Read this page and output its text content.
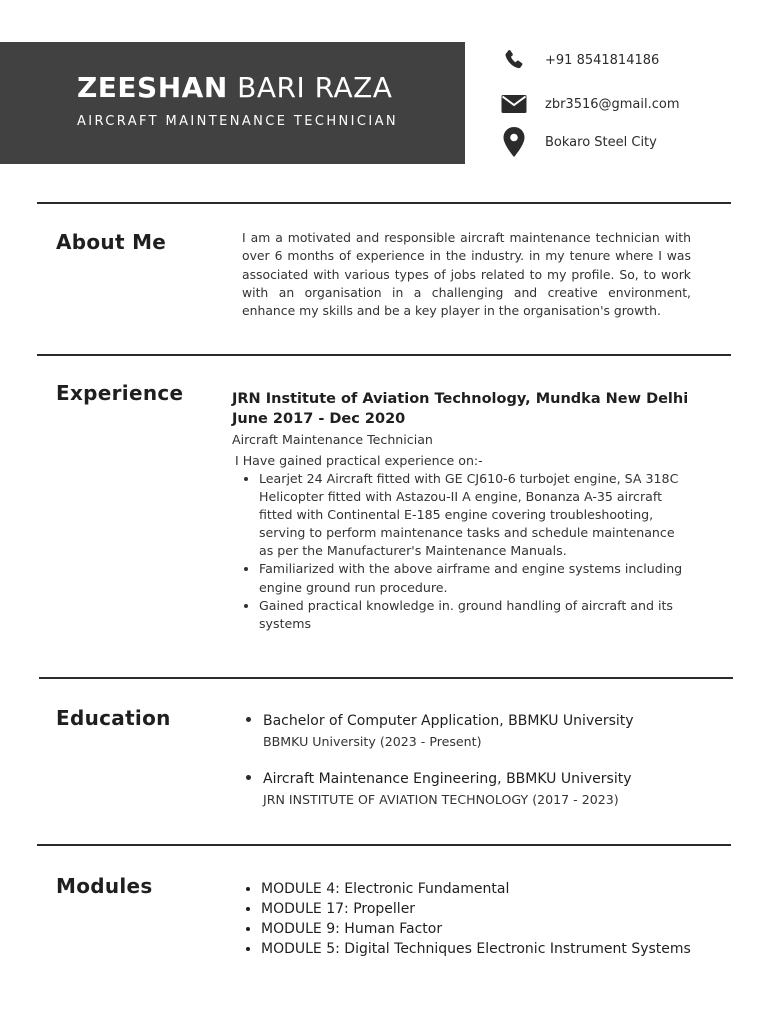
ZEESHAN BARI RAZA

AIRCRAFT MAINTENANCE TECHNICIAN

+91 8541814186
zbr3516@gmail.com
Bokaro Steel City
About Me	I am a motivated and responsible aircraft maintenance technician with over 6 months of experience in the industry. in my tenure where I was associated with various types of jobs related to my profile. So, to work with an organisation in a challenging and creative environment, enhance my skills and be a key player in the organisation's growth.

Experience	JRN Institute of Aviation Technology, Mundka New Delhi

June 2017 - Dec 2020

Aircraft Maintenance Technician

I Have gained practical experience on:-

• Learjet 24 Aircraft fitted with GE CJ610-6 turbojet engine, SA 318C Helicopter fitted with Astazou-II A engine, Bonanza A-35 aircraft fitted with Continental E-185 engine covering troubleshooting, serving to perform maintenance tasks and schedule maintenance as per the Manufacturer's Maintenance Manuals.
• Familiarized with the above airframe and engine systems including engine ground run procedure.
• Gained practical knowledge in. ground handling of aircraft and its systems
Education	• Bachelor of Computer Application, BBMKU University
BBMKU University (2023 - Present)
• Aircraft Maintenance Engineering, BBMKU University
JRN INSTITUTE OF AVIATION TECHNOLOGY (2017 - 2023)
Modules	• MODULE 4: Electronic Fundamental
• MODULE 17: Propeller
• MODULE 9: Human Factor
• MODULE 5: Digital Techniques Electronic Instrument Systems
